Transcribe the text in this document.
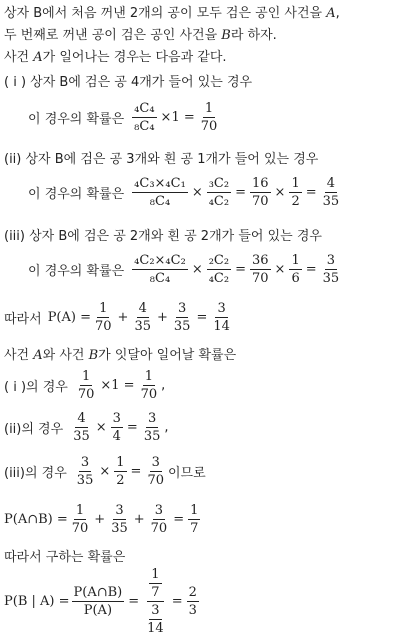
상자 B에서 처음 꺼낸 2개의 공이 모두 검은 공인 사건을 A,
두 번째로 꺼낸 공이 검은 공인 사건을 B라 하자.
사건 A가 일어나는 경우는 다음과 같다.
( i ) 상자 B에 검은 공 4개가 들어 있는 경우
이 경우의 확률은 $\frac{\text{₄C₄}}{\text{₈C₄}} \times 1 = \frac{1}{70}$
(ii) 상자 B에 검은 공 3개와 흰 공 1개가 들어 있는 경우
이 경우의 확률은 $\frac{\text{₄C₃×₄C₁}}{\text{₈C₄}} \times \frac{\text{₃C₂}}{\text{₄C₂}} = \frac{16}{70} \times \frac{1}{2} = \frac{4}{35}$
(iii) 상자 B에 검은 공 2개와 흰 공 2개가 들어 있는 경우
이 경우의 확률은 $\frac{\text{₄C₂×₄C₂}}{\text{₈C₄}} \times \frac{\text{₂C₂}}{\text{₄C₂}} = \frac{36}{70} \times \frac{1}{6} = \frac{3}{35}$
따라서 $P(A) = \frac{1}{70} + \frac{4}{35} + \frac{3}{35} = \frac{3}{14}$
사건 A와 사건 B가 잇달아 일어날 확률은
( i )의 경우 $\frac{1}{70} \times 1 = \frac{1}{70}$ ,
(ii)의 경우 $\frac{4}{35} \times \frac{3}{4} = \frac{3}{35}$ ,
(iii)의 경우 $\frac{3}{35} \times \frac{1}{2} = \frac{3}{70}$ 이므로
P(A∩B) = $\frac{1}{70} + \frac{3}{35} + \frac{3}{70} = \frac{1}{7}$
따라서 구하는 확률은
P(B | $A) = \frac{P(A\cap B)}{P(A)} = \frac{\frac{1}{7}}{\frac{3}{14}} = \frac{2}{3}$
